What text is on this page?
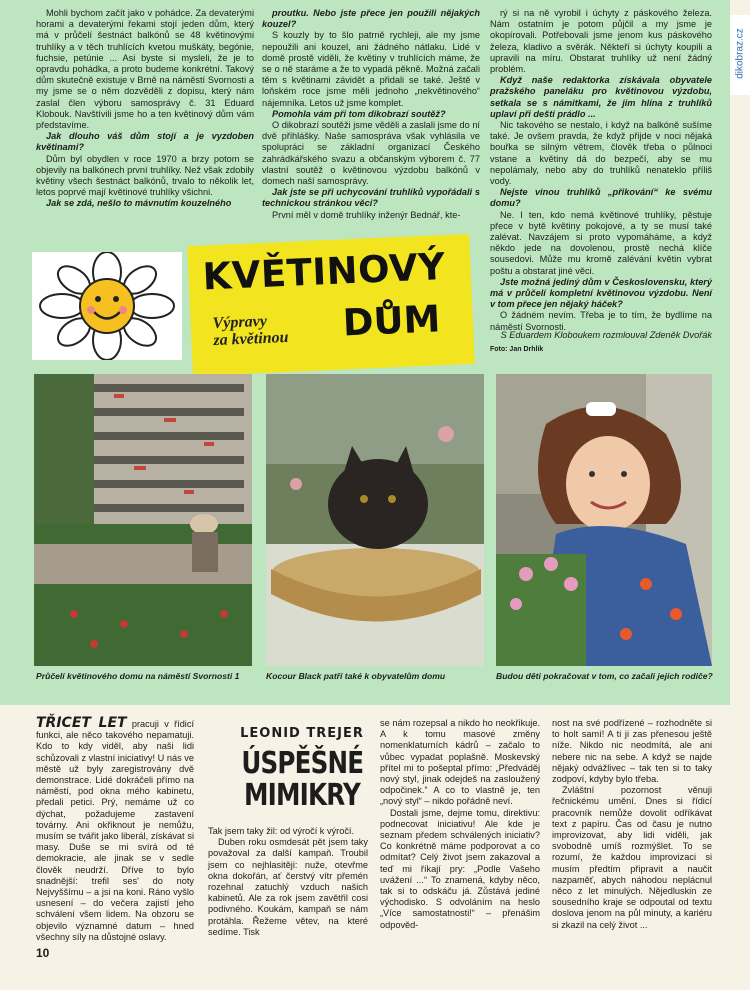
Mohli bychom začít jako v pohádce. Za devaterými horami a devaterými řekami stojí jeden dům, který má v průčelí šestnáct balkónů se 48 květinovými truhlíky a v těch truhlících kvetou muškáty, begónie, fuchsie, petúnie ... Asi byste si mysleli, že je to opravdu pohádka, a proto budeme konkrétní. Takový dům skutečně existuje v Brně na náměstí Svornosti a my jsme se o něm dozvěděli z dopisu, který nám zaslal člen výboru samosprávy č. 31 Eduard Klobouk. Navštívili jsme ho a ten květinový dům vám představíme.

Jak dlouho váš dům stojí a je vyzdoben květinami?

Dům byl obydlen v roce 1970 a brzy potom se objevily na balkónech první truhlíky. Než však zdobily květiny všech šestnáct balkónů, trvalo to několik let, letos poprvé mají květinové truhlíky všichni.

Jak se zdá, nešlo to mávnutím kouzelného

proutku. Nebo jste přece jen použili nějakých kouzel?

S kouzly by to šlo patrně rychleji, ale my jsme nepoužili ani kouzel, ani žádného nátlaku. Lidé v domě prostě viděli, že květiny v truhlících máme, že se o ně staráme a že to vypadá pěkně. Možná začali těm s květinami závidět a přidali se také. Ještě v loňském roce jsme měli jednoho „nekvětinového“ nájemníka. Letos už jsme komplet.

Pomohla vám při tom dikobrazí soutěž?

O dikobrazí soutěži jsme věděli a zaslali jsme do ní dvě přihlášky. Naše samospráva však vyhlásila ve spolupráci se základní organizací Českého zahrádkářského svazu a občanským výborem č. 77 vlastní soutěž o květinovou výzdobu balkónů v domech naší samosprávy.

Jak jste se při uchycování truhlíků vypořádali s technickou stránkou věci?

První měl v domě truhlíky inženýr Bednář, kte-

rý si na ně vyrobil i úchyty z páskového železa. Nám ostatním je potom půjčil a my jsme je okopírovali. Potřebovali jsme jenom kus páskového železa, kladivo a svěrák. Někteří si úchyty koupili a upravili na míru. Obstarat truhlíky už není žádný problém.

Když naše redaktorka získávala obyvatele pražského paneláku pro květinovou výzdobu, setkala se s námitkami, že jim hlína z truhlíků uplaví při dešti prádlo ...

Nic takového se nestalo, i když na balkóně sušíme také. Je ovšem pravda, že když přijde v noci nějaká bouřka se silným větrem, člověk třeba o půlnoci vstane a květiny dá do bezpečí, aby se mu nepolámaly, nebo aby do truhlíků nenateklo příliš vody.

Nejste vinou truhlíků „přikování“ ke svému domu?

Ne. I ten, kdo nemá květinové truhlíky, pěstuje přece v bytě květiny pokojové, a ty se musí také zalévat. Navzájem si proto vypomáháme, a když někdo jede na dovolenou, prostě nechá klíče sousedovi. Může mu kromě zalévání květin vybrat poštu a obstarat jiné věci.

Jste možná jediný dům v Československu, který má v průčelí kompletní květinovou výzdobu. Není v tom přece jen nějaký háček?

O žádném nevím. Třeba je to tím, že bydlíme na náměstí Svornosti.

S Eduardem Kloboukem rozmlouval Zdeněk Dvořák

Foto: Jan Drhlík

KVĚTINOVÝ
Výpravy
za květinou DŮM
Průčelí květinového domu na náměstí Svornosti 1	Kocour Black patří také k obyvatelům domu	Budou děti pokračovat v tom, co začali jejich rodiče?
dikobraz.cz

TŘICET LET pracuji v řídicí funkci, ale něco takového nepamatuji. Kdo to kdy viděl, aby naši lidi schůzovali z vlastní iniciativy! U nás ve městě už byly zaregistrovány dvě demonstrace. Lidé dokráčeli přímo na náměstí, pod okna mého kabinetu, předali petici. Prý, nemáme už co dýchat, požadujeme zastavení továrny. Ani okřiknout je nemůžu, musím se tvářit jako liberál, získávat si masy. Duše se mi svírá od té demokracie, ale jinak se v sedle člověk neudrží. Dříve to bylo snadnější: trefil ses' do noty Nejvyššímu – a jsi na koni. Ráno vyšlo usnesení – do večera zajistí jeho schválení všem lidem. Na obzoru se objevilo významné datum – hned všechny síly na důstojné oslavy.

LEONID TREJER
ÚSPĚŠNÉ
MIMIKRY

Tak jsem taky žil: od výročí k výročí.

Duben roku osmdesát pět jsem taky považoval za další kampaň. Troubil jsem co nejhlasitěji: nuže, otevřme okna dokořán, ať čerstvý vítr přemén rozehnal zatuchlý vzduch našich kabinetů. Ale za rok jsem zavětřil cosi podivného. Koukám, kampaň se nám protáhla. Řežeme větev, na které sedíme. Tisk

se nám rozepsal a nikdo ho neokřikuje. A k tomu masové změny nomenklaturních kádrů – začalo to vůbec vypadat poplašně. Moskevský přítel mi to pošeptal přímo: „Předváděj nový styl, jinak odejdeš na zasloužený odpočinek.“ A co to vlastně je, ten „nový styl“ – nikdo pořádně neví.

Dostali jsme, dejme tomu, direktivu: podnecovat iniciativu! Ale kde je seznam předem schválených iniciativ? Co konkrétně máme podporovat a co odmítat? Celý život jsem zakazoval a teď mi říkají pry: „Podle Vašeho uvážení ...“ To znamená, kdyby něco, tak si to odskáču já. Zůstává jediné východisko. S odvoláním na heslo „Více samostatnosti!“ – přenášim odpověd-

nost na své podřízené – rozhodněte si to holt samí! A ti ji zas přenesou ještě níže. Nikdo nic neodmítá, ale ani nebere nic na sebe. A když se najde nějaký odvážlivec – tak ten si to taky zodpoví, kdyby bylo třeba.

Zvláštní pozornost věnuji řečnickému umění. Dnes si řídicí pracovník nemůže dovolit odříkávat text z papíru. Čas od času je nutno improvizovat, aby lidi viděli, jak svobodně umíš rozmýšlet. To se rozumí, že každou improvizaci si musím předtím připravit a naučit nazpaměť, abych náhodou neplácnul něco z let minulých. Nějedluskin ze sousedního kraje se odpoutal od textu doslova jenom na půl minuty, a kariéru si zkazil na celý život ...

10
